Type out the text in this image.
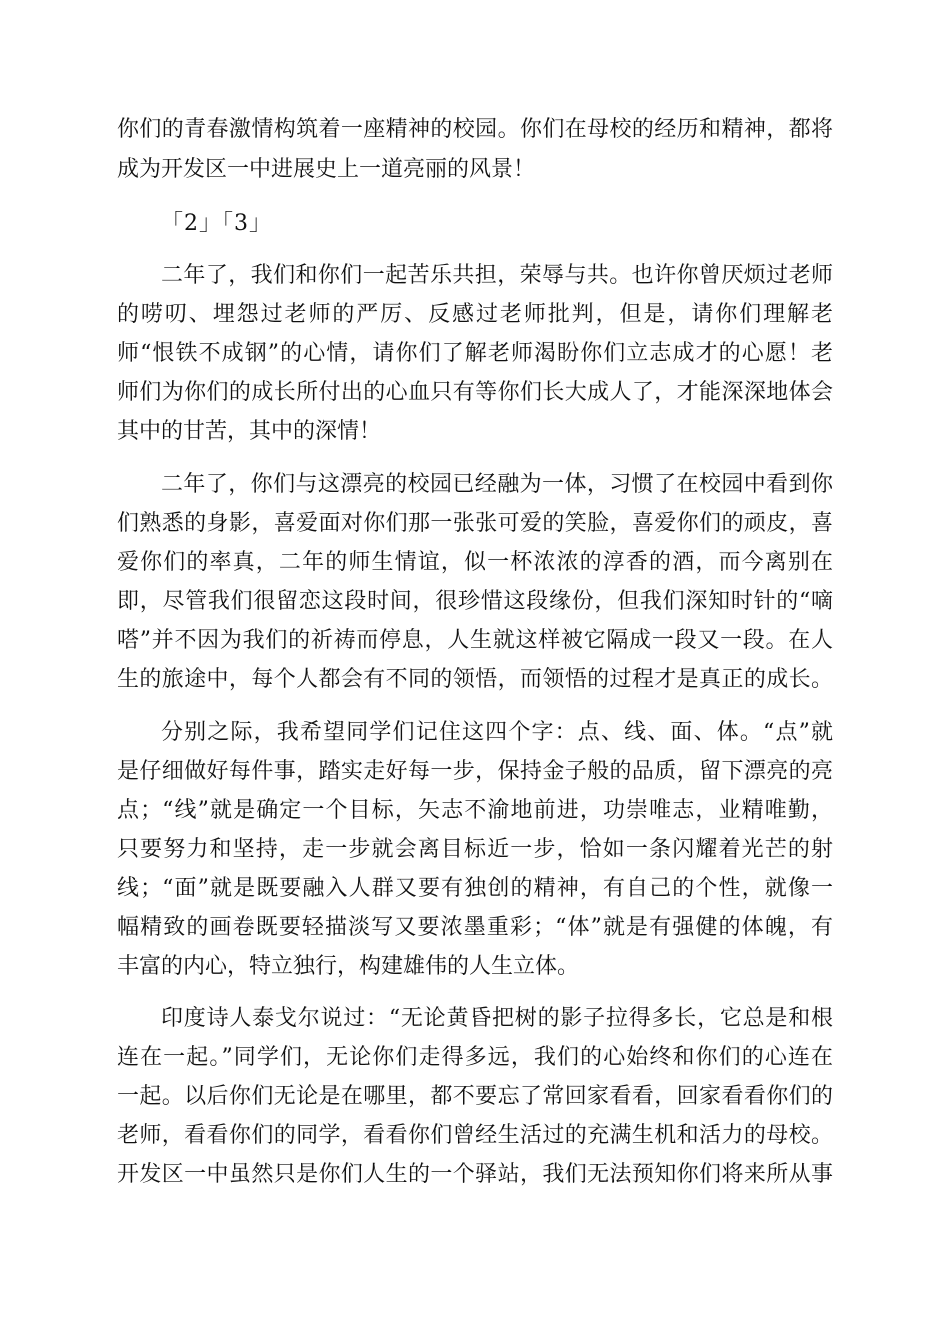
你们的青春激情构筑着一座精神的校园。你们在母校的经历和精神，都将
成为开发区一中进展史上一道亮丽的风景！
「2」「3」
二年了，我们和你们一起苦乐共担，荣辱与共。也许你曾厌烦过老师
的唠叨、埋怨过老师的严厉、反感过老师批判，但是，请你们理解老
师“恨铁不成钢”的心情，请你们了解老师渴盼你们立志成才的心愿！老
师们为你们的成长所付出的心血只有等你们长大成人了，才能深深地体会
其中的甘苦，其中的深情！
二年了，你们与这漂亮的校园已经融为一体，习惯了在校园中看到你
们熟悉的身影，喜爱面对你们那一张张可爱的笑脸，喜爱你们的顽皮，喜
爱你们的率真，二年的师生情谊，似一杯浓浓的淳香的酒，而今离别在
即，尽管我们很留恋这段时间，很珍惜这段缘份，但我们深知时针的“嘀
嗒”并不因为我们的祈祷而停息，人生就这样被它隔成一段又一段。在人
生的旅途中，每个人都会有不同的领悟，而领悟的过程才是真正的成长。
分别之际，我希望同学们记住这四个字：点、线、面、体。“点”就
是仔细做好每件事，踏实走好每一步，保持金子般的品质，留下漂亮的亮
点；“线”就是确定一个目标，矢志不渝地前进，功崇唯志，业精唯勤，
只要努力和坚持，走一步就会离目标近一步，恰如一条闪耀着光芒的射
线；“面”就是既要融入人群又要有独创的精神，有自己的个性，就像一
幅精致的画卷既要轻描淡写又要浓墨重彩；“体”就是有强健的体魄，有
丰富的内心，特立独行，构建雄伟的人生立体。
印度诗人泰戈尔说过：“无论黄昏把树的影子拉得多长，它总是和根
连在一起。”同学们，无论你们走得多远，我们的心始终和你们的心连在
一起。以后你们无论是在哪里，都不要忘了常回家看看，回家看看你们的
老师，看看你们的同学，看看你们曾经生活过的充满生机和活力的母校。
开发区一中虽然只是你们人生的一个驿站，我们无法预知你们将来所从事
